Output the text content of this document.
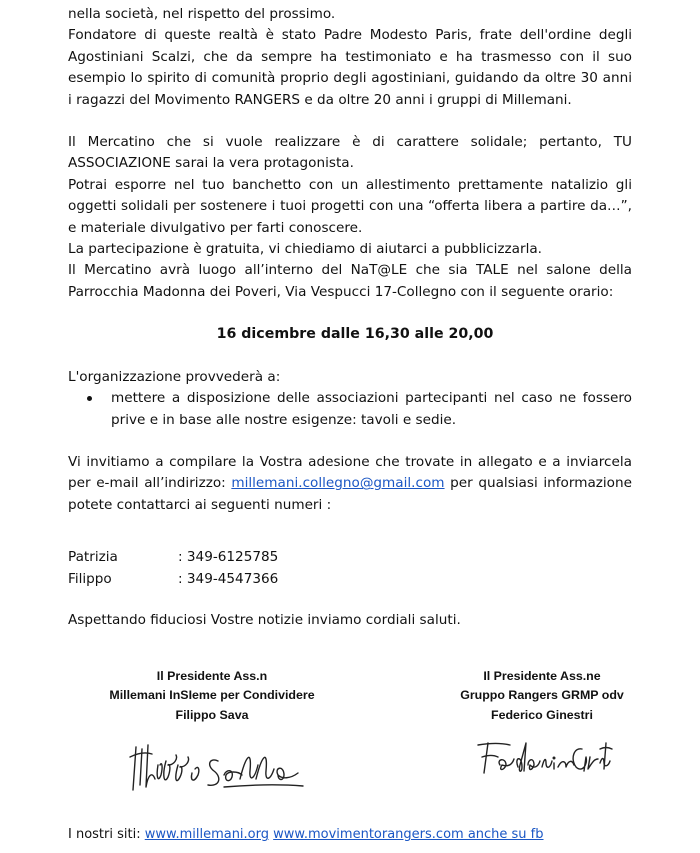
nella società, nel rispetto del prossimo.

Fondatore di queste realtà è stato Padre Modesto Paris, frate dell'ordine degli Agostiniani Scalzi, che da sempre ha testimoniato e ha trasmesso con il suo esempio lo spirito di comunità proprio degli agostiniani, guidando da oltre 30 anni i ragazzi del Movimento RANGERS e da oltre 20 anni i gruppi di Millemani.

Il Mercatino che si vuole realizzare è di carattere solidale; pertanto, TU ASSOCIAZIONE sarai la vera protagonista.

Potrai esporre nel tuo banchetto con un allestimento prettamente natalizio gli oggetti solidali per sostenere i tuoi progetti con una “offerta libera a partire da…”, e materiale divulgativo per farti conoscere.

La partecipazione è gratuita, vi chiediamo di aiutarci a pubblicizzarla.

Il Mercatino avrà luogo all’interno del NaT@LE che sia TALE nel salone della Parrocchia Madonna dei Poveri, Via Vespucci 17-Collegno con il seguente orario:

16 dicembre dalle 16,30 alle 20,00

L'organizzazione provvederà a:

mettere a disposizione delle associazioni partecipanti nel caso ne fossero prive e in base alle nostre esigenze: tavoli e sedie.

Vi invitiamo a compilare la Vostra adesione che trovate in allegato e a inviarcela per e-mail all’indirizzo: millemani.collegno@gmail.com per qualsiasi informazione potete contattarci ai seguenti numeri :

Patrizia	: 349-6125785
Filippo	: 349-4547366

Aspettando fiduciosi Vostre notizie inviamo cordiali saluti.

Il Presidente Ass.n
Millemani InSIeme per Condividere
Filippo Sava
Il Presidente Ass.ne
Gruppo Rangers GRMP odv
Federico Ginestri
I nostri siti: www.millemani.org www.movimentorangers.com anche su fb
